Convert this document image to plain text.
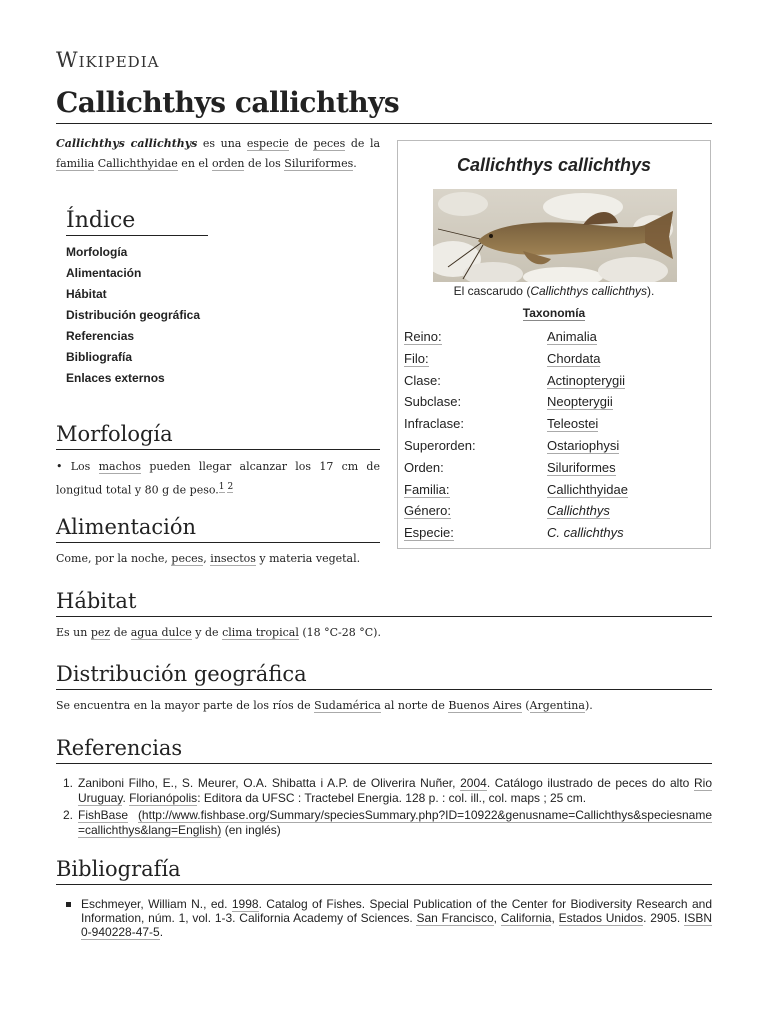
Wikipedia
Callichthys callichthys

Callichthys callichthys es una especie de peces de la familia Callichthyidae en el orden de los Siluriformes.

Índice
Morfología
Alimentación
Hábitat
Distribución geográfica
Referencias
Bibliografía
Enlaces externos
Callichthys callichthys
El cascarudo (Callichthys callichthys).
Taxonomía
Reino:	Animalia
Filo:	Chordata
Clase:	Actinopterygii
Subclase:	Neopterygii
Infraclase:	Teleostei
Superorden:	Ostariophysi
Orden:	Siluriformes
Familia:	Callichthyidae
Género:	Callichthys
Especie:	C. callichthys
Morfología

• Los machos pueden llegar alcanzar los 17 cm de longitud total y 80 g de peso.$^{1 2}$

Alimentación

Come, por la noche, peces, insectos y materia vegetal.

Hábitat

Es un pez de agua dulce y de clima tropical (18 °C-28 °C).

Distribución geográfica

Se encuentra en la mayor parte de los ríos de Sudamérica al norte de Buenos Aires (Argentina).

Referencias
1. Zaniboni Filho, E., S. Meurer, O.A. Shibatta i A.P. de Oliverira Nuñer, 2004. Catálogo ilustrado de peces do alto Rio Uruguay. Florianópolis: Editora da UFSC : Tractebel Energia. 128 p. : col. ill., col. maps ; 25 cm.
2. FishBase (http://www.fishbase.org/Summary/speciesSummary.php?ID=10922&genusname=Callichthys&speciesname=callichthys&lang=English) (en inglés)
Bibliografía
Eschmeyer, William N., ed. 1998. Catalog of Fishes. Special Publication of the Center for Biodiversity Research and Information, núm. 1, vol. 1-3. California Academy of Sciences. San Francisco, California, Estados Unidos. 2905. ISBN 0-940228-47-5.
